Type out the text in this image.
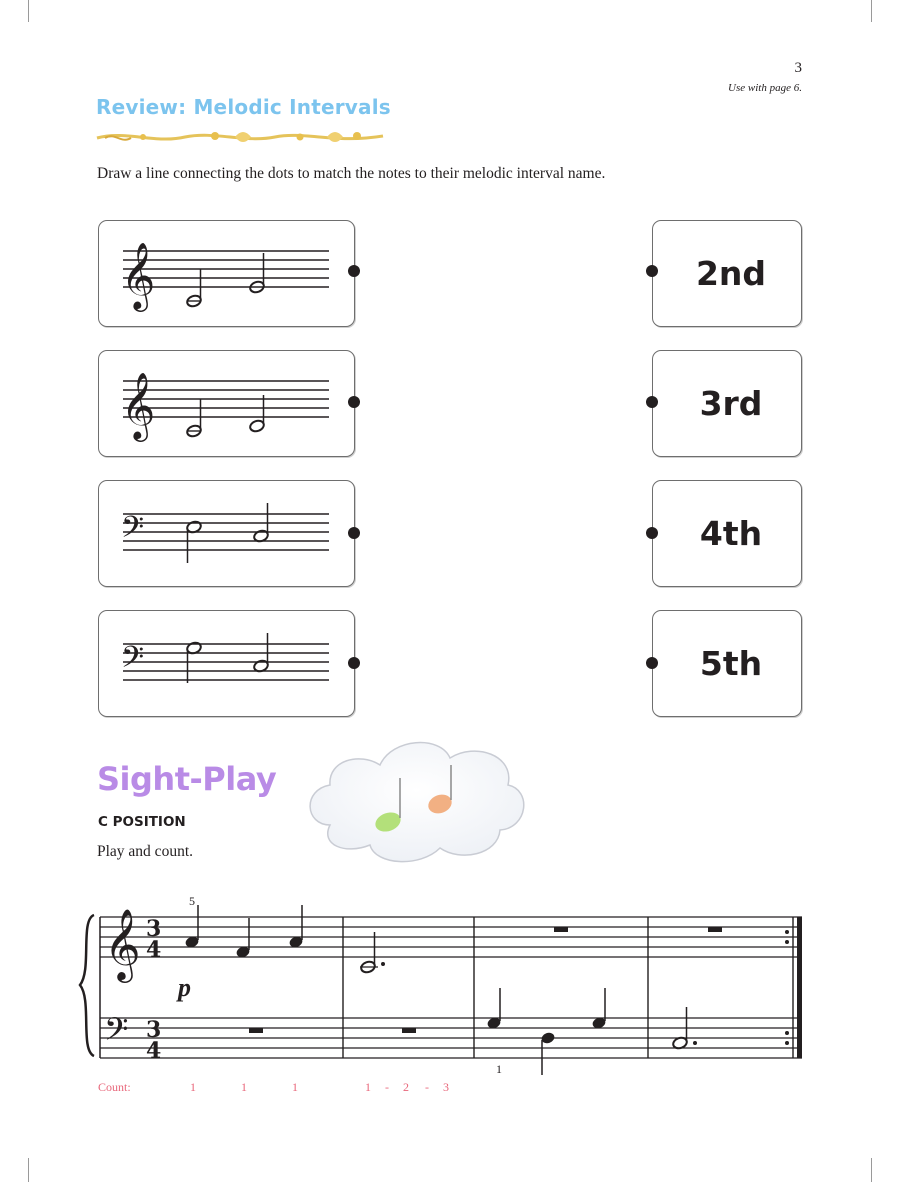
3
Use with page 6.
Review: Melodic Intervals
Draw a line connecting the dots to match the notes to their melodic interval name.
𝄞
𝄞
𝄢
𝄢
2nd
3rd
4th
5th
Sight-Play
C POSITION
Play and count.
𝄞
𝄢
3
4
3
4
5
1
p
Count:	1	1	1	1 - 2 - 3
